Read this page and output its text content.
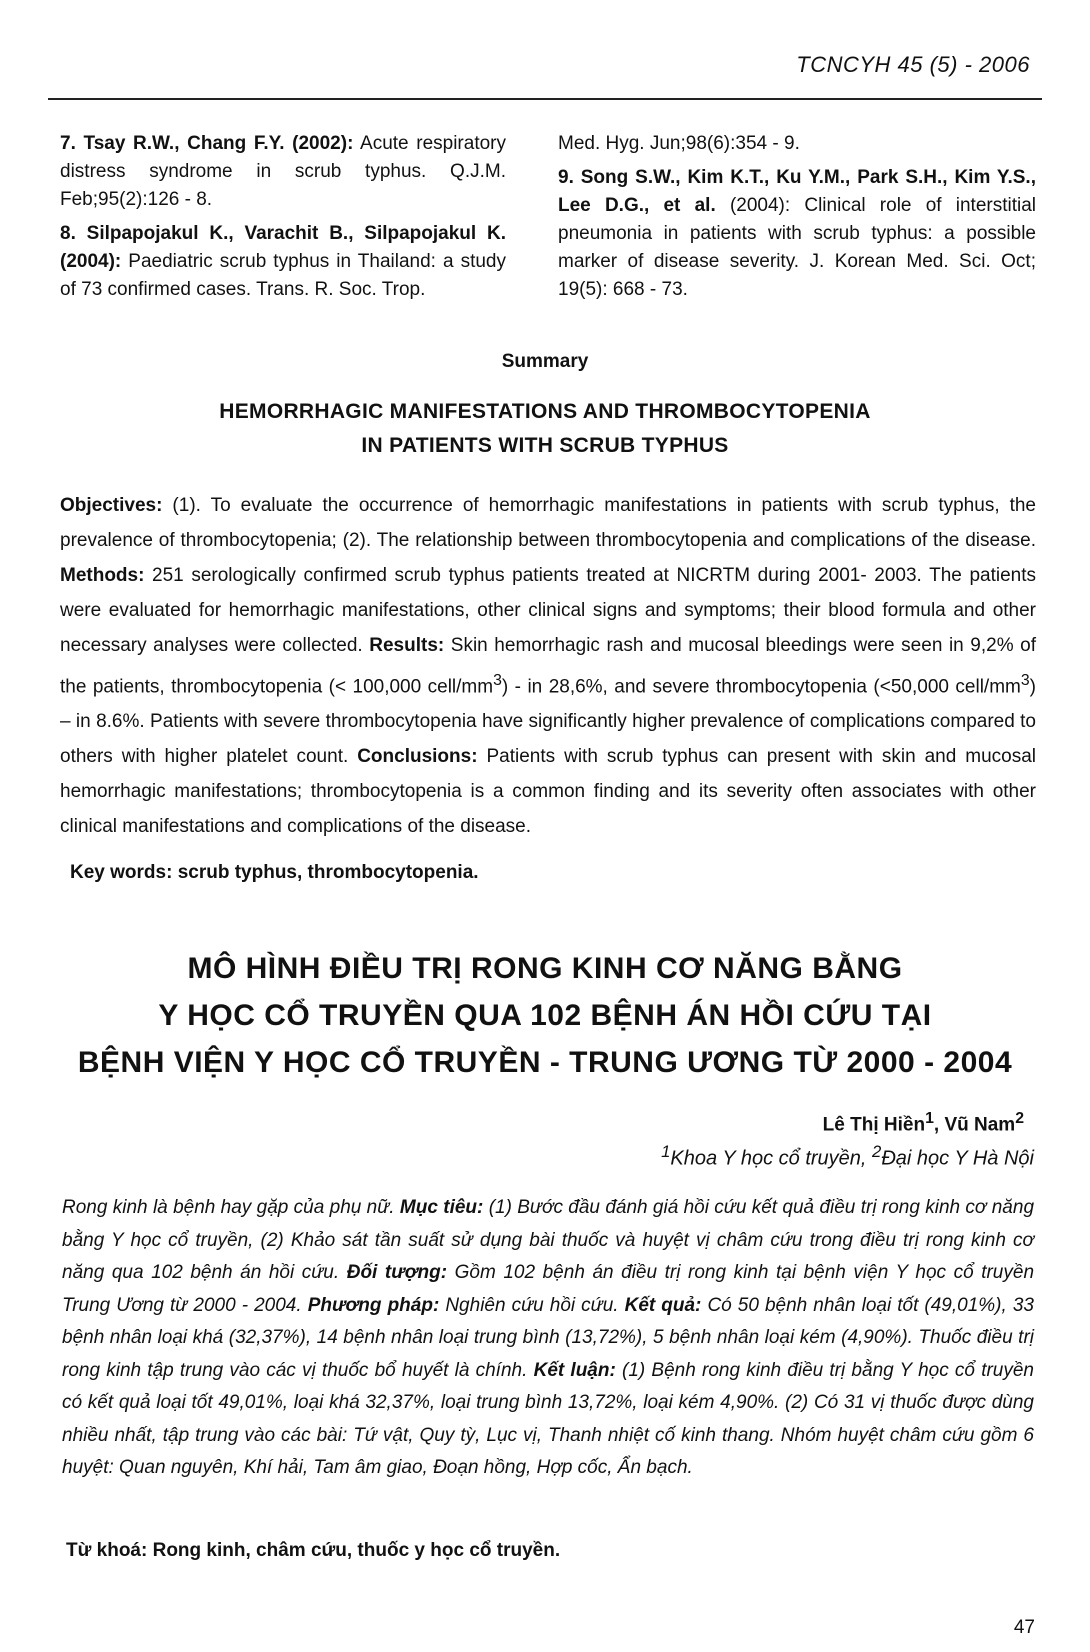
TCNCYH 45 (5) - 2006

7. Tsay R.W., Chang F.Y. (2002): Acute respiratory distress syndrome in scrub typhus. Q.J.M. Feb;95(2):126 - 8.

8. Silpapojakul K., Varachit B., Silpapojakul K. (2004): Paediatric scrub typhus in Thailand: a study of 73 confirmed cases. Trans. R. Soc. Trop.

Med. Hyg. Jun;98(6):354 - 9.

9. Song S.W., Kim K.T., Ku Y.M., Park S.H., Kim Y.S., Lee D.G., et al. (2004): Clinical role of interstitial pneumonia in patients with scrub typhus: a possible marker of disease severity. J. Korean Med. Sci. Oct; 19(5): 668 - 73.

Summary
HEMORRHAGIC MANIFESTATIONS AND THROMBOCYTOPENIA
IN PATIENTS WITH SCRUB TYPHUS
Objectives: (1). To evaluate the occurrence of hemorrhagic manifestations in patients with scrub typhus, the prevalence of thrombocytopenia; (2). The relationship between thrombocytopenia and complications of the disease. Methods: 251 serologically confirmed scrub typhus patients treated at NICRTM during 2001- 2003. The patients were evaluated for hemorrhagic manifestations, other clinical signs and symptoms; their blood formula and other necessary analyses were collected. Results: Skin hemorrhagic rash and mucosal bleedings were seen in 9,2% of the patients, thrombocytopenia (< 100,000 cell/$mm^3$) - in 28,6%, and severe thrombocytopenia (<50,000 cell/$mm^3$) – in 8.6%. Patients with severe thrombocytopenia have significantly higher prevalence of complications compared to others with higher platelet count. Conclusions: Patients with scrub typhus can present with skin and mucosal hemorrhagic manifestations; thrombocytopenia is a common finding and its severity often associates with other clinical manifestations and complications of the disease.
Key words: scrub typhus, thrombocytopenia.
MÔ HÌNH ĐIỀU TRỊ RONG KINH CƠ NĂNG BẰNG
Y HỌC CỔ TRUYỀN QUA 102 BỆNH ÁN HỒI CỨU TẠI
BỆNH VIỆN Y HỌC CỔ TRUYỀN - TRUNG ƯƠNG TỪ 2000 - 2004
Lê Thị Hiền$^1$, Vũ Nam$^2$
$^1$Khoa Y học cổ truyền, $^2$Đại học Y Hà Nội
Rong kinh là bệnh hay gặp của phụ nữ. Mục tiêu: (1) Bước đầu đánh giá hồi cứu kết quả điều trị rong kinh cơ năng bằng Y học cổ truyền, (2) Khảo sát tần suất sử dụng bài thuốc và huyệt vị châm cứu trong điều trị rong kinh cơ năng qua 102 bệnh án hồi cứu. Đối tượng: Gồm 102 bệnh án điều trị rong kinh tại bệnh viện Y học cổ truyền Trung Ương từ 2000 - 2004. Phương pháp: Nghiên cứu hồi cứu. Kết quả: Có 50 bệnh nhân loại tốt (49,01%), 33 bệnh nhân loại khá (32,37%), 14 bệnh nhân loại trung bình (13,72%), 5 bệnh nhân loại kém (4,90%). Thuốc điều trị rong kinh tập trung vào các vị thuốc bổ huyết là chính. Kết luận: (1) Bệnh rong kinh điều trị bằng Y học cổ truyền có kết quả loại tốt 49,01%, loại khá 32,37%, loại trung bình 13,72%, loại kém 4,90%. (2) Có 31 vị thuốc được dùng nhiều nhất, tập trung vào các bài: Tứ vật, Quy tỳ, Lục vị, Thanh nhiệt cố kinh thang. Nhóm huyệt châm cứu gồm 6 huyệt: Quan nguyên, Khí hải, Tam âm giao, Đoạn hồng, Hợp cốc, Ẩn bạch.
Từ khoá: Rong kinh, châm cứu, thuốc y học cổ truyền.
47
